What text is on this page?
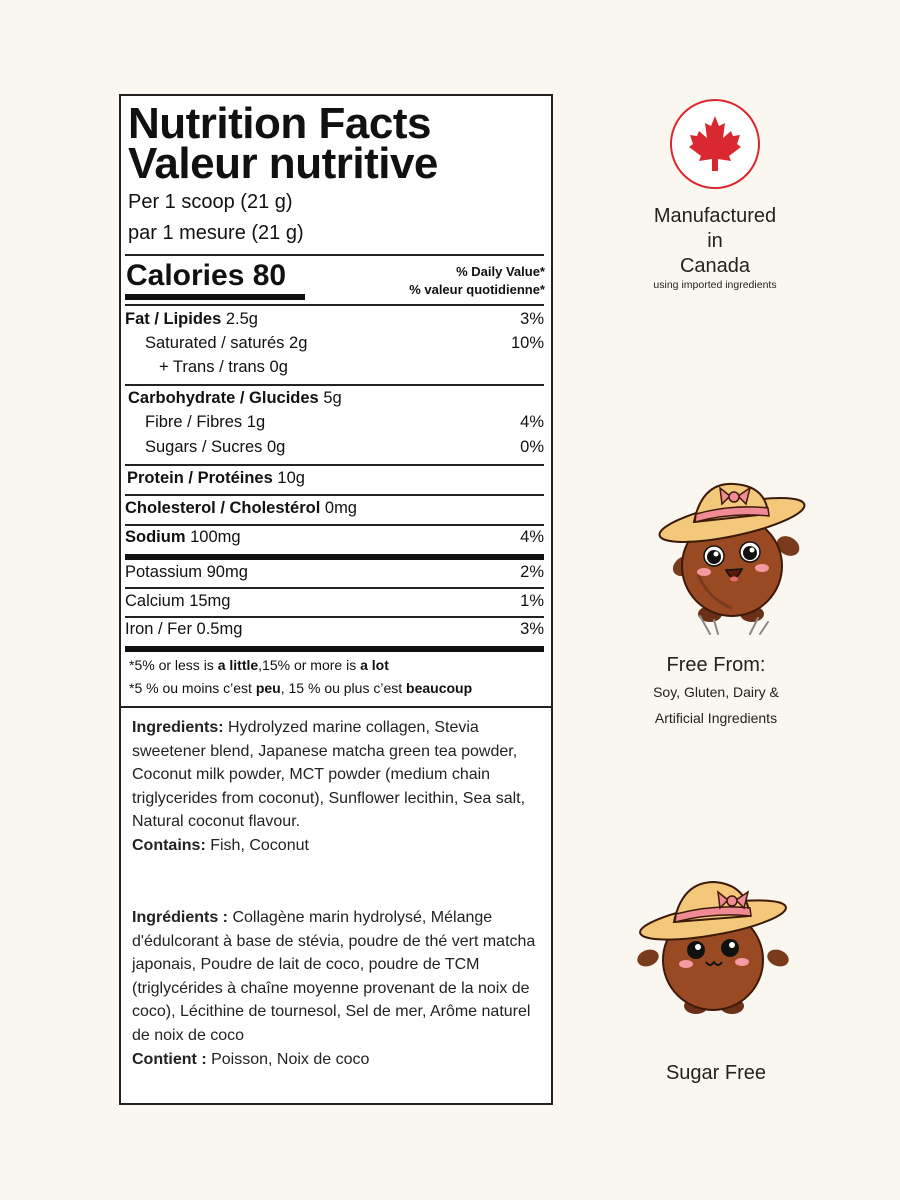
Nutrition Facts
Valeur nutritive
Per 1 scoop (21 g)
par 1 mesure (21 g)
Calories 80	% Daily Value*
% valeur quotidienne*
Fat / Lipides 2.5g	3%
Saturated / saturés 2g	10%
+ Trans / trans 0g
Carbohydrate / Glucides 5g
Fibre / Fibres 1g	4%
Sugars / Sucres 0g	0%
Protein / Protéines 10g
Cholesterol / Cholestérol 0mg
Sodium 100mg	4%
Potassium 90mg	2%
Calcium 15mg	1%
Iron / Fer 0.5mg	3%
*5% or less is a little,15% or more is a lot
*5 % ou moins c’est peu, 15 % ou plus c’est beaucoup
Ingredients: Hydrolyzed marine collagen, Stevia sweetener blend, Japanese matcha green tea powder, Coconut milk powder, MCT powder (medium chain triglycerides from coconut), Sunflower lecithin, Sea salt, Natural coconut flavour.
Contains: Fish, Coconut
Ingrédients : Collagène marin hydrolysé, Mélange d'édulcorant à base de stévia, poudre de thé vert matcha japonais, Poudre de lait de coco, poudre de TCM (triglycérides à chaîne moyenne provenant de la noix de coco), Lécithine de tournesol, Sel de mer, Arôme naturel de noix de coco
Contient : Poisson, Noix de coco
Manufactured
in
Canada
using imported ingredients
Free From:
Soy, Gluten, Dairy &
Artificial Ingredients
Sugar Free
